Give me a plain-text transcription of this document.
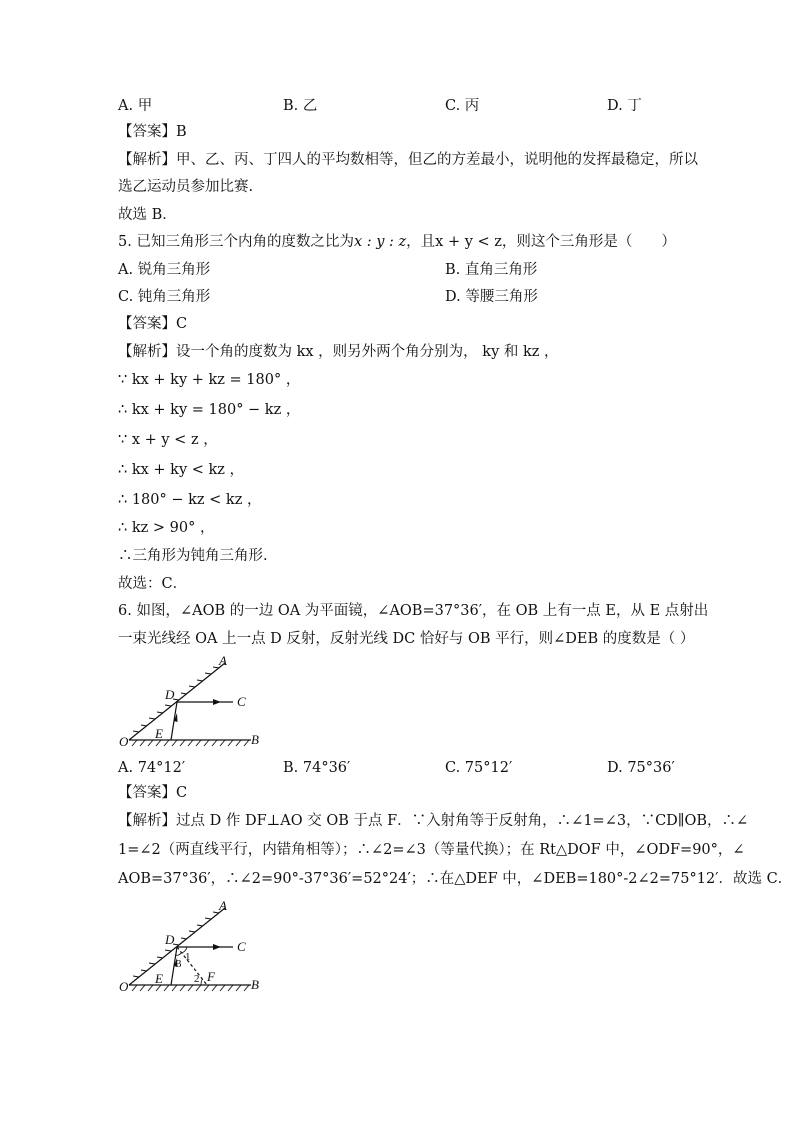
A. 甲	B. 乙	C. 丙	D. 丁
【答案】B
【解析】甲、乙、丙、丁四人的平均数相等，但乙的方差最小，说明他的发挥最稳定，所以
选乙运动员参加比赛.
故选 B．
5. 已知三角形三个内角的度数之比为x : y : z，且x + y < z，则这个三角形是（　　）
A. 锐角三角形	B. 直角三角形
C. 钝角三角形	D. 等腰三角形
【答案】C
【解析】设一个角的度数为 kx ，则另外两个角分别为， ky 和 kz ，
∵ kx + ky + kz = 180° ，
∴ kx + ky = 180° − kz ，
∵ x + y < z ，
∴ kx + ky < kz ，
∴ 180° − kz < kz ，
∴ kz > 90° ，
∴三角形为钝角三角形.
故选：C．
6. 如图，∠AOB 的一边 OA 为平面镜，∠AOB=37°36′，在 OB 上有一点 E，从 E 点射出
一束光线经 OA 上一点 D 反射，反射光线 DC 恰好与 OB 平行，则∠DEB 的度数是（ ）
A
D	C
E
O	B
A. 74°12′	B. 74°36′	C. 75°12′	D. 75°36′
【答案】C
【解析】过点 D 作 DF⊥AO 交 OB 于点 F．∵入射角等于反射角，∴∠1=∠3，∵CD∥OB，∴∠
1=∠2（两直线平行，内错角相等）；∴∠2=∠3（等量代换）；在 Rt△DOF 中，∠ODF=90°，∠
AOB=37°36′，∴∠2=90°-37°36′=52°24′；∴在△DEF 中，∠DEB=180°-2∠2=75°12′．故选 C．
A
D	C
E
O	B
F
1
3
2
